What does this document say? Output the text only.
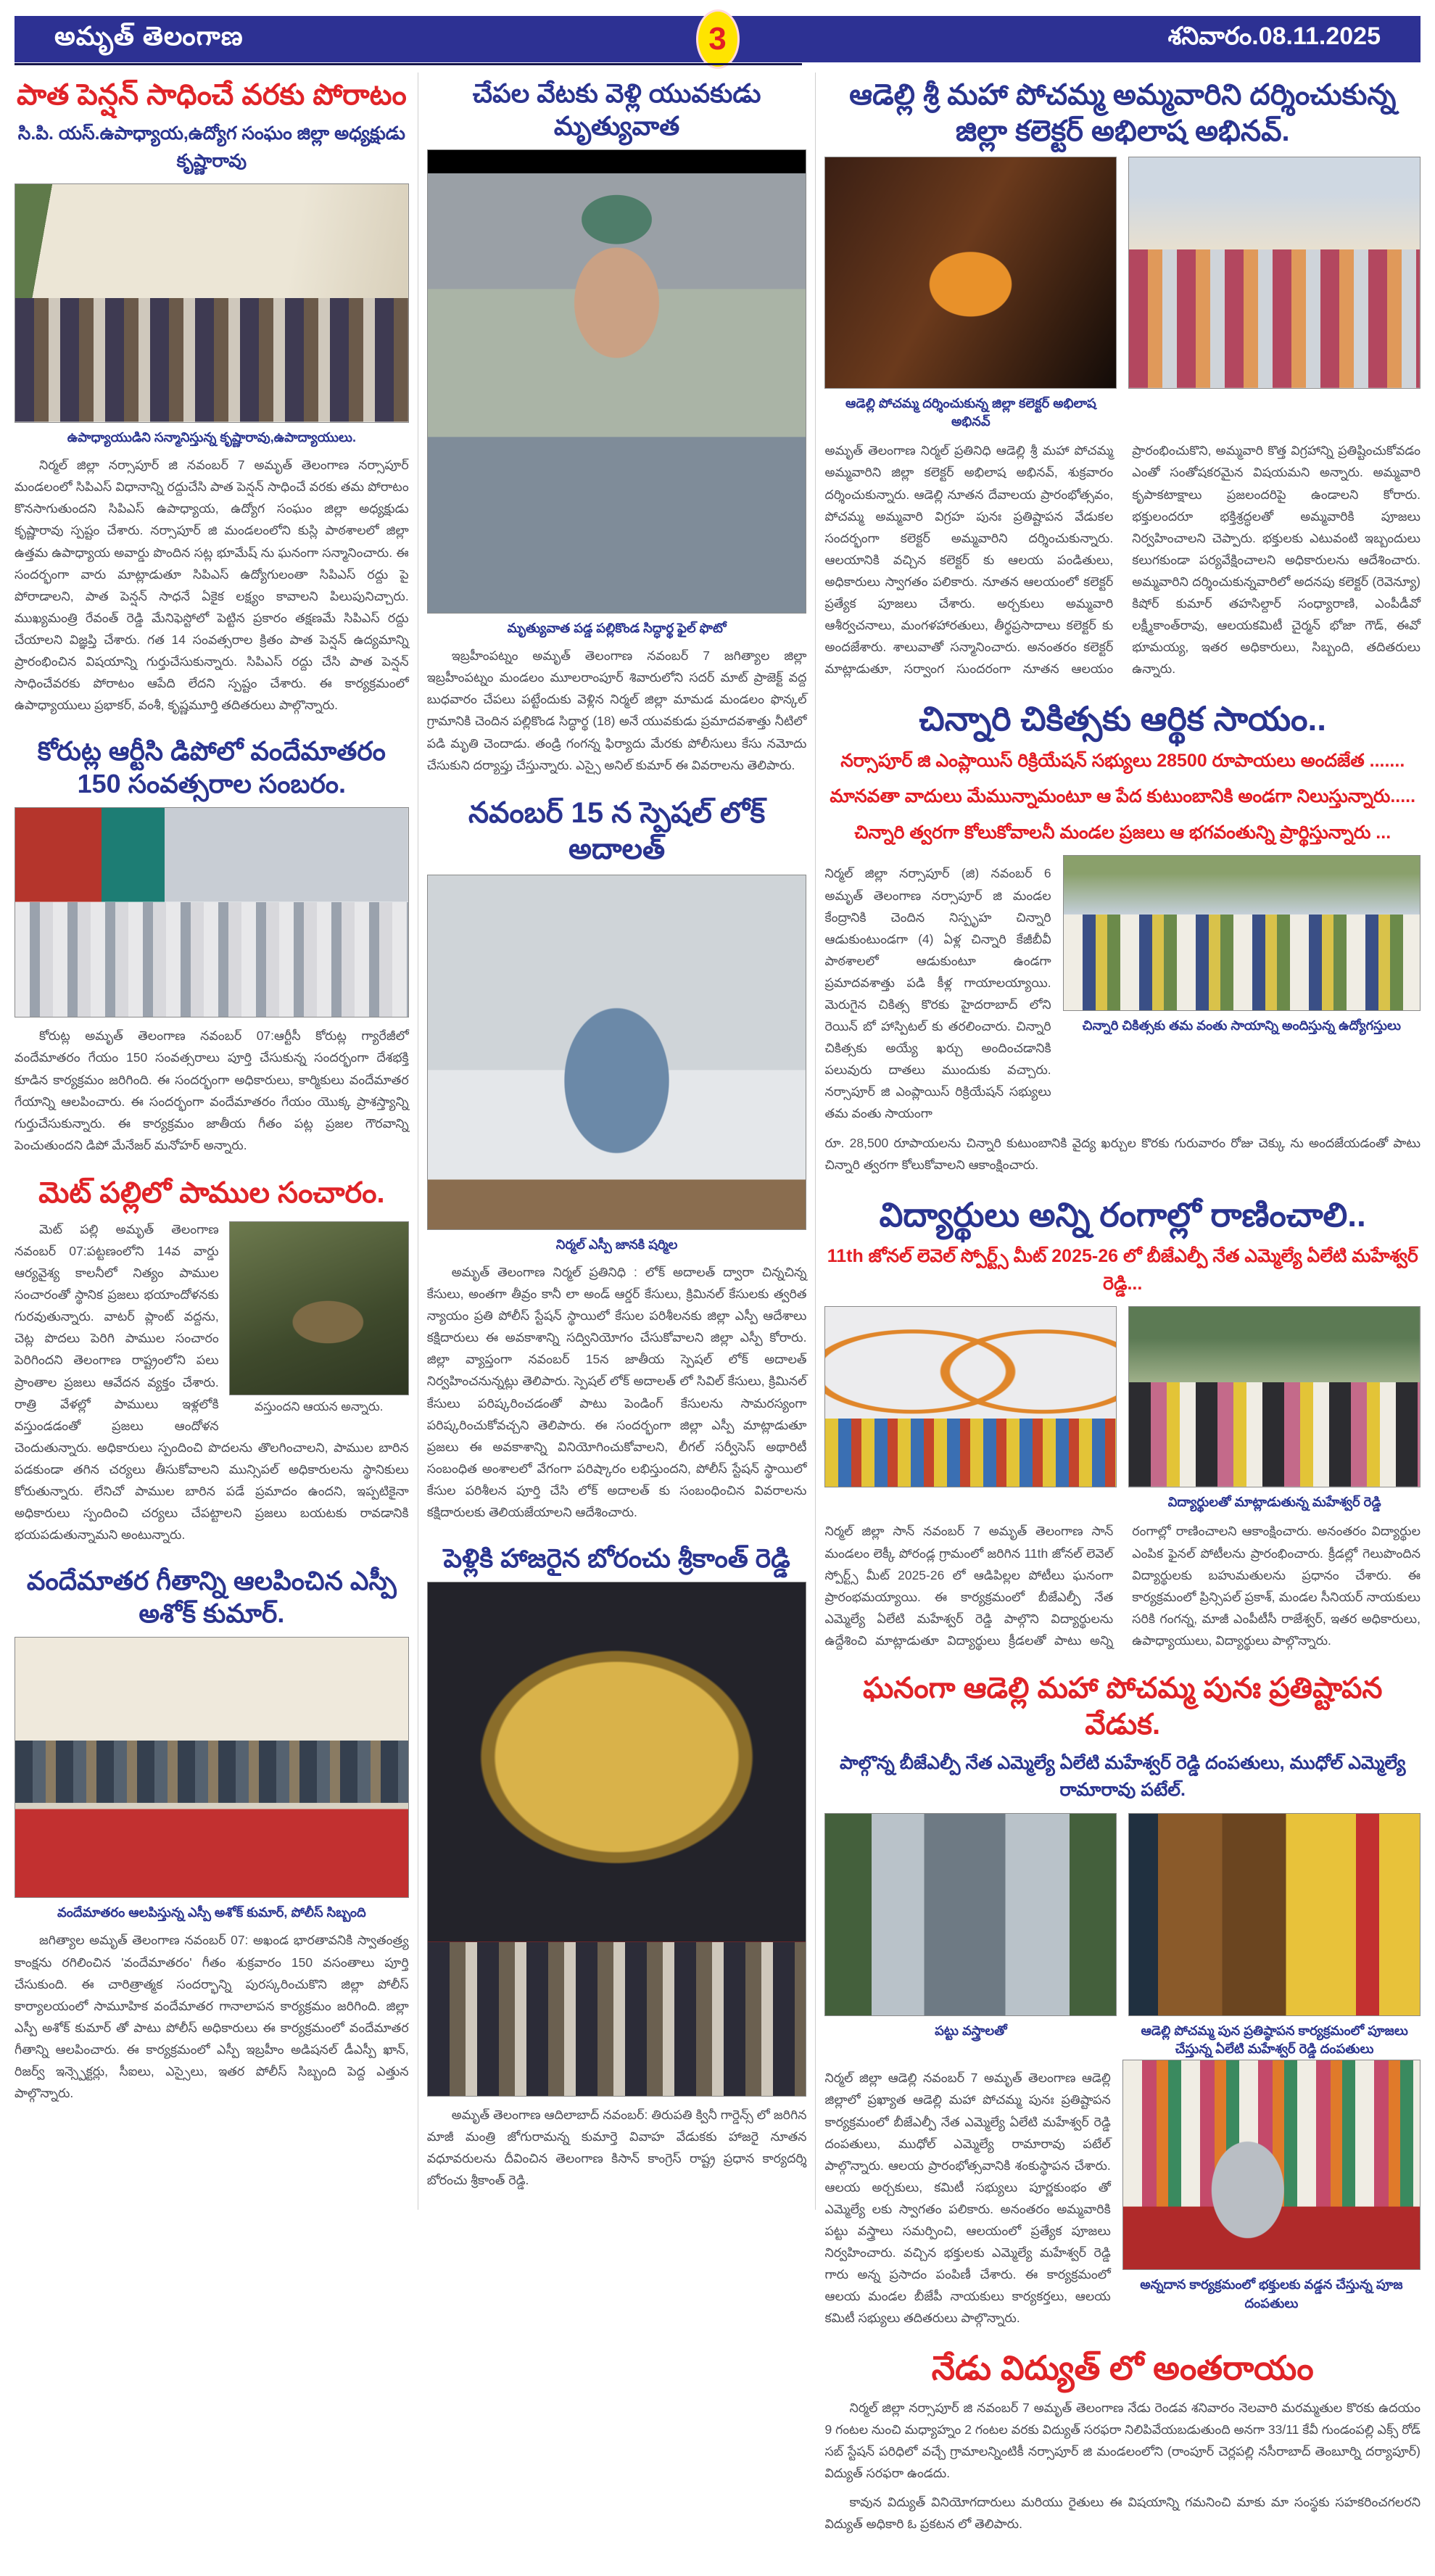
అమృత్ తెలంగాణ	3	శనివారం.08.11.2025
పాత పెన్షన్ సాధించే వరకు పోరాటం
సి.పి. యస్.ఉపాధ్యాయ,ఉద్యోగ సంఘం జిల్లా అధ్యక్షుడు కృష్ణారావు
ఉపాధ్యాయుడిని సన్మానిస్తున్న కృష్ణారావు,ఉపాద్యాయులు.

నిర్మల్ జిల్లా నర్సాపూర్ జి నవంబర్ 7 అమృత్ తెలంగాణ నర్సాపూర్ మండలంలో సిపిఎస్ విధానాన్ని రద్దుచేసి పాత పెన్షన్ సాధించే వరకు తమ పోరాటం కొనసాగుతుందని సిపిఎస్ ఉపాధ్యాయ, ఉద్యోగ సంఘం జిల్లా అధ్యక్షుడు కృష్ణారావు స్పష్టం చేశారు. నర్సాపూర్ జి మండలంలోని కుస్లి పాఠశాలలో జిల్లా ఉత్తమ ఉపాధ్యాయ అవార్డు పొందిన సట్ల భూమేష్ ను ఘనంగా సన్మానించారు. ఈ సందర్భంగా వారు మాట్లాడుతూ సిపిఎస్ ఉద్యోగులంతా సిపిఎస్ రద్దు పై పోరాడాలని, పాత పెన్షన్ సాధనే ఏకైక లక్ష్యం కావాలని పిలుపునిచ్చారు. ముఖ్యమంత్రి రేవంత్ రెడ్డి మేనిఫెస్టోలో పెట్టిన ప్రకారం తక్షణమే సిపిఎస్ రద్దు చేయాలని విజ్ఞప్తి చేశారు. గత 14 సంవత్సరాల క్రితం పాత పెన్షన్ ఉద్యమాన్ని ప్రారంభించిన విషయాన్ని గుర్తుచేసుకున్నారు. సిపిఎస్ రద్దు చేసి పాత పెన్షన్ సాధించేవరకు పోరాటం ఆపేది లేదని స్పష్టం చేశారు. ఈ కార్యక్రమంలో ఉపాధ్యాయులు ప్రభాకర్, వంశీ, కృష్ణమూర్తి తదితరులు పాల్గొన్నారు.

కోరుట్ల ఆర్టీసి డిపోలో వందేమాతరం 150 సంవత్సరాల సంబరం.

కోరుట్ల అమృత్ తెలంగాణ నవంబర్ 07:ఆర్టీసీ కోరుట్ల గ్యారేజీలో వందేమాతరం గేయం 150 సంవత్సరాలు పూర్తి చేసుకున్న సందర్భంగా దేశభక్తి కూడిన కార్యక్రమం జరిగింది. ఈ సందర్భంగా అధికారులు, కార్మికులు వందేమాతర గేయాన్ని ఆలపించారు. ఈ సందర్భంగా వందేమాతరం గేయం యొక్క ప్రాశస్త్యాన్ని గుర్తుచేసుకున్నారు. ఈ కార్యక్రమం జాతీయ గీతం పట్ల ప్రజల గౌరవాన్ని పెంచుతుందని డిపో మేనేజర్ మనోహర్ అన్నారు.

మెట్ పల్లిలో పాముల సంచారం.

వస్తుందని ఆయన అన్నారు.

మెట్ పల్లి అమృత్ తెలంగాణ నవంబర్ 07:పట్టణంలోని 14వ వార్డు ఆర్యవైశ్య కాలనీలో నిత్యం పాముల సంచారంతో స్థానిక ప్రజలు భయాందోళనకు గురవుతున్నారు. వాటర్ ప్లాంట్ వద్దను, చెట్ల పొదలు పెరిగి పాముల సంచారం పెరిగిందని తెలంగాణ రాష్ట్రంలోని పలు ప్రాంతాల ప్రజలు ఆవేదన వ్యక్తం చేశారు. రాత్రి వేళల్లో పాములు ఇళ్లలోకి వస్తుండడంతో ప్రజలు ఆందోళన చెందుతున్నారు. అధికారులు స్పందించి పొదలను తొలగించాలని, పాముల బారిన పడకుండా తగిన చర్యలు తీసుకోవాలని మున్సిపల్ అధికారులను స్థానికులు కోరుతున్నారు. లేనిచో పాముల బారిన పడే ప్రమాదం ఉందని, ఇప్పటికైనా అధికారులు స్పందించి చర్యలు చేపట్టాలని ప్రజలు బయటకు రావడానికి భయపడుతున్నామని అంటున్నారు.

వందేమాతర గీతాన్ని ఆలపించిన ఎస్పీ అశోక్ కుమార్.
వందేమాతరం ఆలపిస్తున్న ఎస్పీ అశోక్ కుమార్, పోలీస్ సిబ్బంది

జగిత్యాల అమృత్ తెలంగాణ నవంబర్ 07: అఖండ భారతావనికి స్వాతంత్ర్య కాంక్షను రగిలించిన 'వందేమాతరం' గీతం శుక్రవారం 150 వసంతాలు పూర్తి చేసుకుంది. ఈ చారిత్రాత్మక సందర్భాన్ని పురస్కరించుకొని జిల్లా పోలీస్ కార్యాలయంలో సామూహిక వందేమాతర గానాలాపన కార్యక్రమం జరిగింది. జిల్లా ఎస్పీ అశోక్ కుమార్ తో పాటు పోలీస్ అధికారులు ఈ కార్యక్రమంలో వందేమాతర గీతాన్ని ఆలపించారు. ఈ కార్యక్రమంలో ఎస్పీ ఇబ్రహీం అడిషనల్ డీఎస్పీ ఖాన్, రిజర్వ్ ఇన్స్పెక్టర్లు, సీఐలు, ఎస్సైలు, ఇతర పోలీస్ సిబ్బంది పెద్ద ఎత్తున పాల్గొన్నారు.

చేపల వేటకు వెళ్లి యువకుడు మృత్యువాత
మృత్యువాత పడ్డ పల్లికొండ సిద్ధార్థ ఫైల్ ఫొటో

ఇబ్రహీంపట్నం అమృత్ తెలంగాణ నవంబర్ 7 జగిత్యాల జిల్లా ఇబ్రహీంపట్నం మండలం మూలరాంపూర్ శివారులోని సదర్ మాట్ ప్రాజెక్ట్ వద్ద బుధవారం చేపలు పట్టేందుకు వెళ్లిన నిర్మల్ జిల్లా మామడ మండలం ఫొన్కల్ గ్రామానికి చెందిన పల్లికొండ సిద్ధార్థ (18) అనే యువకుడు ప్రమాదవశాత్తు నీటిలో పడి మృతి చెందాడు. తండ్రి గంగన్న ఫిర్యాదు మేరకు పోలీసులు కేసు నమోదు చేసుకుని దర్యాప్తు చేస్తున్నారు. ఎస్సై అనిల్ కుమార్ ఈ వివరాలను తెలిపారు.

నవంబర్ 15 న స్పెషల్ లోక్ అదాలత్
నిర్మల్ ఎస్పీ జానకి షర్మిల

అమృత్ తెలంగాణ నిర్మల్ ప్రతినిధి : లోక్ అదాలత్ ద్వారా చిన్నచిన్న కేసులు, అంతగా తీవ్రం కానీ లా అండ్ ఆర్డర్ కేసులు, క్రిమినల్ కేసులకు త్వరిత న్యాయం ప్రతి పోలీస్ స్టేషన్ స్థాయిలో కేసుల పరిశీలనకు జిల్లా ఎస్పీ ఆదేశాలు కక్షిదారులు ఈ అవకాశాన్ని సద్వినియోగం చేసుకోవాలని జిల్లా ఎస్పీ కోరారు. జిల్లా వ్యాప్తంగా నవంబర్ 15న జాతీయ స్పెషల్ లోక్ అదాలత్ నిర్వహించనున్నట్లు తెలిపారు. స్పెషల్ లోక్ అదాలత్ లో సివిల్ కేసులు, క్రిమినల్ కేసులు పరిష్కరించడంతో పాటు పెండింగ్ కేసులను సామరస్యంగా పరిష్కరించుకోవచ్చని తెలిపారు. ఈ సందర్భంగా జిల్లా ఎస్పీ మాట్లాడుతూ ప్రజలు ఈ అవకాశాన్ని వినియోగించుకోవాలని, లీగల్ సర్వీసెస్ అథారిటీ సంబంధిత అంశాలలో వేగంగా పరిష్కారం లభిస్తుందని, పోలీస్ స్టేషన్ స్థాయిలో కేసుల పరిశీలన పూర్తి చేసి లోక్ అదాలత్ కు సంబంధించిన వివరాలను కక్షిదారులకు తెలియజేయాలని ఆదేశించారు.

పెళ్లికి హాజరైన బోరంచు శ్రీకాంత్ రెడ్డి

అమృత్ తెలంగాణ ఆదిలాబాద్ నవంబర్: తిరుపతి క్వినీ గార్డెన్స్ లో జరిగిన మాజీ మంత్రి జోగురామన్న కుమార్తె వివాహ వేడుకకు హాజరై నూతన వధూవరులను దీవించిన తెలంగాణ కిసాన్ కాంగ్రెస్ రాష్ట్ర ప్రధాన కార్యదర్శి బోరంచు శ్రీకాంత్ రెడ్డి.

ఆడెల్లి శ్రీ మహా పోచమ్మ అమ్మవారిని దర్శించుకున్న జిల్లా కలెక్టర్ అభిలాష అభినవ్.
ఆడెల్లి పోచమ్మ దర్శించుకున్న జిల్లా కలెక్టర్ అభిలాష అభినవ్

అమృత్ తెలంగాణ నిర్మల్ ప్రతినిధి ఆడెల్లి శ్రీ మహా పోచమ్మ అమ్మవారిని జిల్లా కలెక్టర్ అభిలాష అభినవ్, శుక్రవారం దర్శించుకున్నారు. ఆడెల్లి నూతన దేవాలయ ప్రారంభోత్సవం, పోచమ్మ అమ్మవారి విగ్రహ పునః ప్రతిష్టాపన వేడుకల సందర్భంగా కలెక్టర్ అమ్మవారిని దర్శించుకున్నారు. ఆలయానికి వచ్చిన కలెక్టర్ కు ఆలయ పండితులు, అధికారులు స్వాగతం పలికారు. నూతన ఆలయంలో కలెక్టర్ ప్రత్యేక పూజలు చేశారు. అర్చకులు అమ్మవారి ఆశీర్వచనాలు, మంగళహారతులు, తీర్థప్రసాదాలు కలెక్టర్ కు అందజేశారు. శాలువాతో సన్మానించారు. అనంతరం కలెక్టర్ మాట్లాడుతూ, సర్వాంగ సుందరంగా నూతన ఆలయం ప్రారంభించుకొని, అమ్మవారి కొత్త విగ్రహాన్ని ప్రతిష్టించుకోవడం ఎంతో సంతోషకరమైన విషయమని అన్నారు. అమ్మవారి కృపాకటాక్షాలు ప్రజలందరిపై ఉండాలని కోరారు. భక్తులందరూ భక్తిశ్రద్ధలతో అమ్మవారికి పూజలు నిర్వహించాలని చెప్పారు. భక్తులకు ఎటువంటి ఇబ్బందులు కలుగకుండా పర్యవేక్షించాలని అధికారులను ఆదేశించారు. అమ్మవారిని దర్శించుకున్నవారిలో అదనపు కలెక్టర్ (రెవెన్యూ) కిషోర్ కుమార్ తహసిల్దార్ సంధ్యారాణి, ఎంపీడీవో లక్ష్మీకాంత్‌రావు, ఆలయకమిటీ చైర్మన్ భోజా గౌడ్, ఈవో భూమయ్య, ఇతర అధికారులు, సిబ్బంది, తదితరులు ఉన్నారు.

చిన్నారి చికిత్సకు ఆర్థిక సాయం..
నర్సాపూర్ జి ఎంప్లాయిస్ రిక్రియేషన్ సభ్యులు 28500 రూపాయలు అందజేత .......
మానవతా వాదులు మేమున్నామంటూ ఆ పేద కుటుంబానికి అండగా నిలుస్తున్నారు.....
చిన్నారి త్వరగా కోలుకోవాలనీ మండల ప్రజలు ఆ భగవంతున్ని ప్రార్థిస్తున్నారు ...

నిర్మల్ జిల్లా నర్సాపూర్ (జి) నవంబర్ 6 అమృత్ తెలంగాణ నర్సాపూర్ జి మండల కేంద్రానికి చెందిన నిస్పృహ చిన్నారి ఆడుకుంటుండగా (4) ఏళ్ల చిన్నారి కేజీబీవీ పాఠశాలలో ఆడుకుంటూ ఉండగా ప్రమాదవశాత్తు పడి కీళ్ల గాయాలయ్యాయి. మెరుగైన చికిత్స కొరకు హైదరాబాద్ లోని రెయిన్ బో హాస్పిటల్ కు తరలించారు. చిన్నారి చికిత్సకు అయ్యే ఖర్చు అందించడానికి పలువురు దాతలు ముందుకు వచ్చారు. నర్సాపూర్ జి ఎంప్లాయిస్ రిక్రియేషన్ సభ్యులు తమ వంతు సాయంగా

చిన్నారి చికిత్సకు తమ వంతు సాయాన్ని అందిస్తున్న ఉద్యోగస్తులు

రూ. 28,500 రూపాయలను చిన్నారి కుటుంబానికి వైద్య ఖర్చుల కొరకు గురువారం రోజు చెక్కు ను అందజేయడంతో పాటు చిన్నారి త్వరగా కోలుకోవాలని ఆకాంక్షించారు.

విద్యార్థులు అన్ని రంగాల్లో రాణించాలి..
11th జోనల్ లెవెల్ స్పోర్ట్స్ మీట్ 2025-26 లో బీజేఎల్పీ నేత ఎమ్మెల్యే ఏలేటి మహేశ్వర్ రెడ్డి...
విద్యార్థులతో మాట్లాడుతున్న మహేశ్వర్ రెడ్డి

నిర్మల్ జిల్లా సాన్ నవంబర్ 7 అమృత్ తెలంగాణ సాన్ మండలం లెక్కీ పోరండ్ల గ్రామంలో జరిగిన 11th జోనల్ లెవెల్ స్పోర్ట్స్ మీట్ 2025-26 లో ఆడిపిల్లల పోటీలు ఘనంగా ప్రారంభమయ్యాయి. ఈ కార్యక్రమంలో బీజేఎల్పీ నేత ఎమ్మెల్యే ఏలేటి మహేశ్వర్ రెడ్డి పాల్గొని విద్యార్థులను ఉద్దేశించి మాట్లాడుతూ విద్యార్థులు క్రీడలతో పాటు అన్ని రంగాల్లో రాణించాలని ఆకాంక్షించారు. అనంతరం విద్యార్థుల ఎంపిక ఫైనల్ పోటీలను ప్రారంభించారు. క్రీడల్లో గెలుపొందిన విద్యార్థులకు బహుమతులను ప్రధానం చేశారు. ఈ కార్యక్రమంలో ప్రిన్సిపల్ ప్రకాశ్, మండల సీనియర్ నాయకులు సరికి గంగన్న, మాజీ ఎంపీటీసీ రాజేశ్వర్, ఇతర అధికారులు, ఉపాధ్యాయులు, విద్యార్థులు పాల్గొన్నారు.

ఘనంగా ఆడెల్లి మహా పోచమ్మ పునః ప్రతిష్టాపన వేడుక.
పాల్గొన్న బీజేఎల్పీ నేత ఎమ్మెల్యే ఏలేటి మహేశ్వర్ రెడ్డి దంపతులు, ముధోల్ ఎమ్మెల్యే రామారావు పటేల్.
పట్టు వస్త్రాలతో	ఆడెల్లి పోచమ్మ పున ప్రతిష్ఠాపన కార్యక్రమంలో పూజలు చేస్తున్న ఏలేటి మహేశ్వర్ రెడ్డి దంపతులు

నిర్మల్ జిల్లా ఆడెల్లి నవంబర్ 7 అమృత్ తెలంగాణ ఆడెల్లి జిల్లాలో ప్రఖ్యాత ఆడెల్లి మహా పోచమ్మ పునః ప్రతిష్టాపన కార్యక్రమంలో బీజేఎల్పీ నేత ఎమ్మెల్యే ఏలేటి మహేశ్వర్ రెడ్డి దంపతులు, ముధోల్ ఎమ్మెల్యే రామారావు పటేల్ పాల్గొన్నారు. ఆలయ ప్రారంభోత్సవానికి శంకుస్థాపన చేశారు. ఆలయ అర్చకులు, కమిటీ సభ్యులు పూర్ణకుంభం తో ఎమ్మెల్యే లకు స్వాగతం పలికారు. అనంతరం అమ్మవారికి పట్టు వస్త్రాలు సమర్పించి, ఆలయంలో ప్రత్యేక పూజలు నిర్వహించారు. వచ్చిన భక్తులకు ఎమ్మెల్యే మహేశ్వర్ రెడ్డి గారు అన్న ప్రసాదం పంపిణీ చేశారు. ఈ కార్యక్రమంలో ఆలయ మండల బీజేపీ నాయకులు కార్యకర్తలు, ఆలయ కమిటీ సభ్యులు తదితరులు పాల్గొన్నారు.

అన్నదాన కార్యక్రమంలో భక్తులకు వడ్డన చేస్తున్న పూజ దంపతులు
నేడు విద్యుత్ లో అంతరాయం

నిర్మల్ జిల్లా నర్సాపూర్ జి నవంబర్ 7 అమృత్ తెలంగాణ నేడు రెండవ శనివారం నెలవారి మరమ్మతుల కొరకు ఉదయం 9 గంటల నుంచి మధ్యాహ్నం 2 గంటల వరకు విద్యుత్ సరఫరా నిలిపివేయబడుతుంది అనగా 33/11 కేవీ గుండంపల్లి ఎక్స్ రోడ్ సబ్ స్టేషన్ పరిధిలో వచ్చే గ్రామాలన్నింటికీ నర్సాపూర్ జి మండలంలోని (రాంపూర్ చెర్లపల్లి నసీరాబాద్ తెంబూర్ని దర్యాపూర్) విద్యుత్ సరఫరా ఉండదు.

కావున విద్యుత్ వినియోగదారులు మరియు రైతులు ఈ విషయాన్ని గమనించి మాకు మా సంస్థకు సహకరించగలరని విద్యుత్ అధికారి ఓ ప్రకటన లో తెలిపారు.
